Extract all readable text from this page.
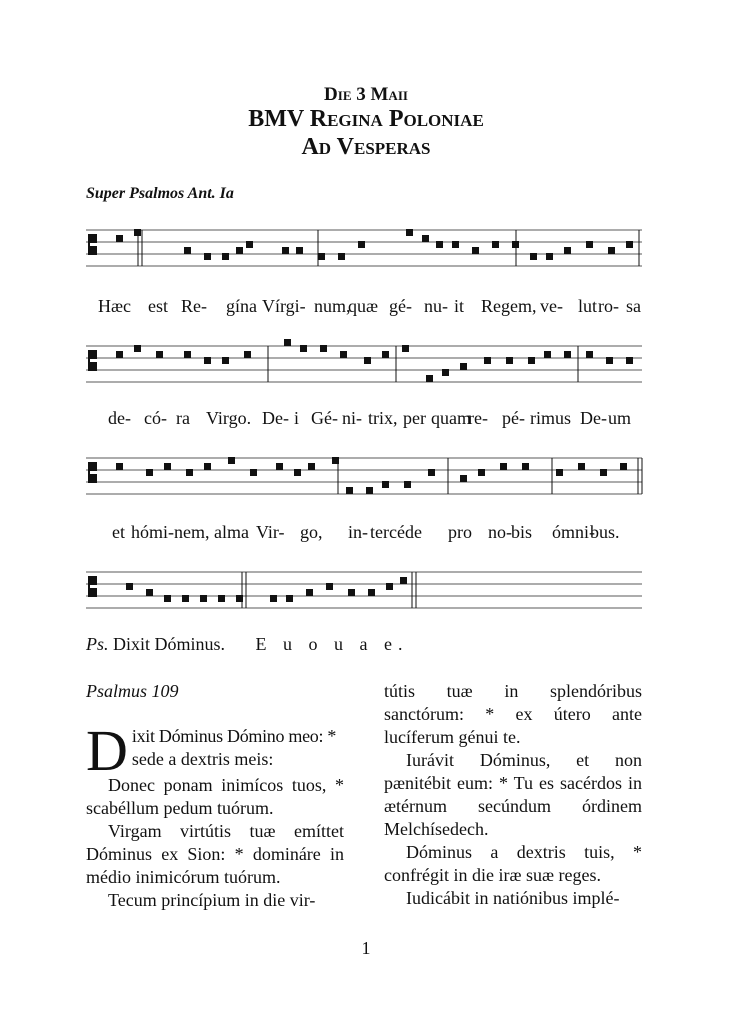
Die 3 Maii
BMV Regina Poloniae
Ad Vesperas
Super Psalmos Ant. Ia
Hæc est Re- gína Vírgi- num,
quæ gé- nu- it Regem, ve- lut ro- sa
de- có- ra Virgo. De- i Gé- ni- trix, per quam
re- pé- rimus De- um
et hómi- nem, alma Vir- go, in- tercéde pro no- bis ómni-
bus.
Ps. Dixit Dóminus. E u o u a e.

Psalmus 109

D ixit Dóminus Dómino meo: *
sede a dextris meis:

Donec ponam inimícos tuos, * scabéllum pedum tuórum.

Virgam virtútis tuæ emíttet Dóminus ex Sion: * domináre in médio inimicórum tuórum.

Tecum princípium in die vir-

tútis tuæ in splendóribus sanctórum: * ex útero ante lucíferum génui te.

Iurávit Dóminus, et non pænitébit eum: * Tu es sacérdos in ætérnum secúndum órdinem Melchísedech.

Dóminus a dextris tuis, * confrégit in die iræ suæ reges.

Iudicábit in natiónibus implé-

1
